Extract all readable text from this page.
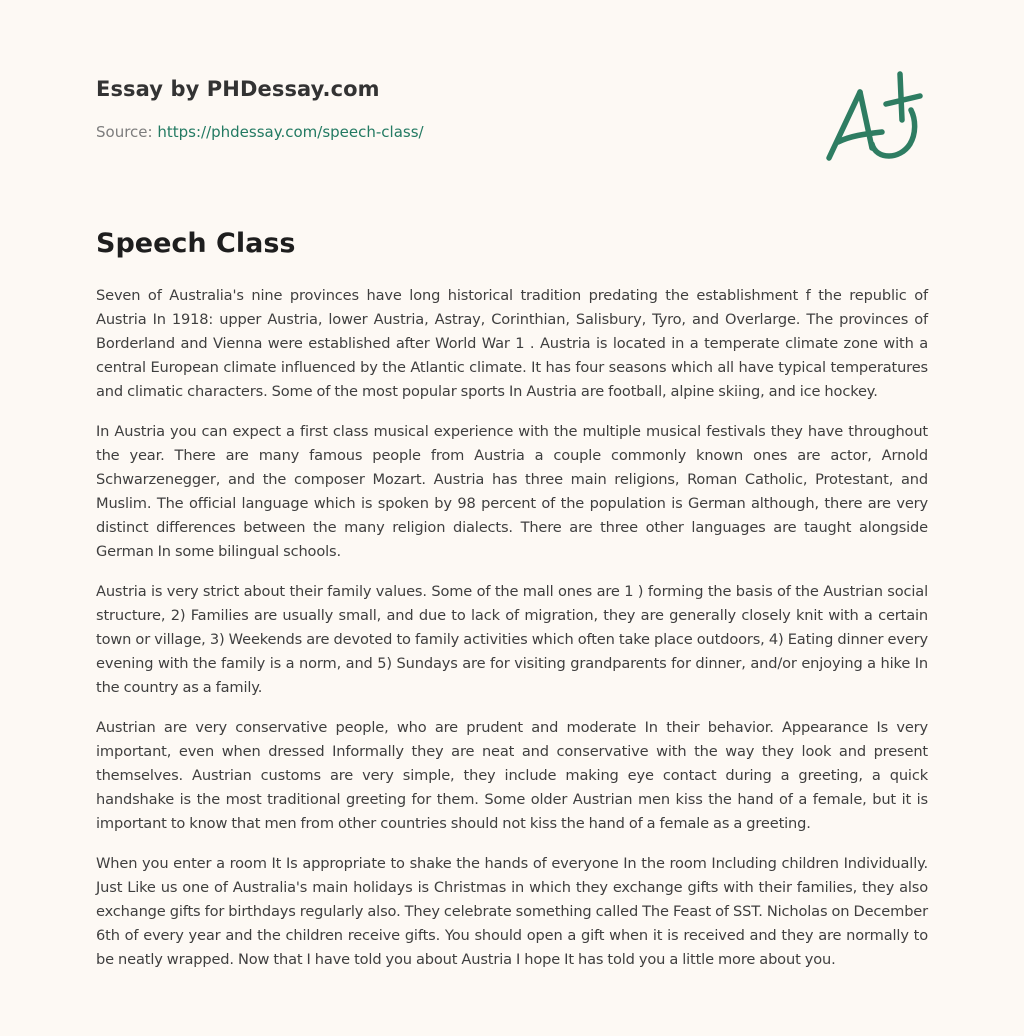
Essay by PHDessay.com
Source: https://phdessay.com/speech-class/
Speech Class

Seven of Australia's nine provinces have long historical tradition predating the establishment f the republic of Austria In 1918: upper Austria, lower Austria, Astray, Corinthian, Salisbury, Tyro, and Overlarge. The provinces of Borderland and Vienna were established after World War 1 . Austria is located in a temperate climate zone with a central European climate influenced by the Atlantic climate. It has four seasons which all have typical temperatures and climatic characters. Some of the most popular sports In Austria are football, alpine skiing, and ice hockey.

In Austria you can expect a first class musical experience with the multiple musical festivals they have throughout the year. There are many famous people from Austria a couple commonly known ones are actor, Arnold Schwarzenegger, and the composer Mozart. Austria has three main religions, Roman Catholic, Protestant, and Muslim. The official language which is spoken by 98 percent of the population is German although, there are very distinct differences between the many religion dialects. There are three other languages are taught alongside German In some bilingual schools.

Austria is very strict about their family values. Some of the mall ones are 1 ) forming the basis of the Austrian social structure, 2) Families are usually small, and due to lack of migration, they are generally closely knit with a certain town or village, 3) Weekends are devoted to family activities which often take place outdoors, 4) Eating dinner every evening with the family is a norm, and 5) Sundays are for visiting grandparents for dinner, and/or enjoying a hike In the country as a family.

Austrian are very conservative people, who are prudent and moderate In their behavior. Appearance Is very important, even when dressed Informally they are neat and conservative with the way they look and present themselves. Austrian customs are very simple, they include making eye contact during a greeting, a quick handshake is the most traditional greeting for them. Some older Austrian men kiss the hand of a female, but it is important to know that men from other countries should not kiss the hand of a female as a greeting.

When you enter a room It Is appropriate to shake the hands of everyone In the room Including children Individually. Just Like us one of Australia's main holidays is Christmas in which they exchange gifts with their families, they also exchange gifts for birthdays regularly also. They celebrate something called The Feast of SST. Nicholas on December 6th of every year and the children receive gifts. You should open a gift when it is received and they are normally to be neatly wrapped. Now that I have told you about Austria I hope It has told you a little more about you.
